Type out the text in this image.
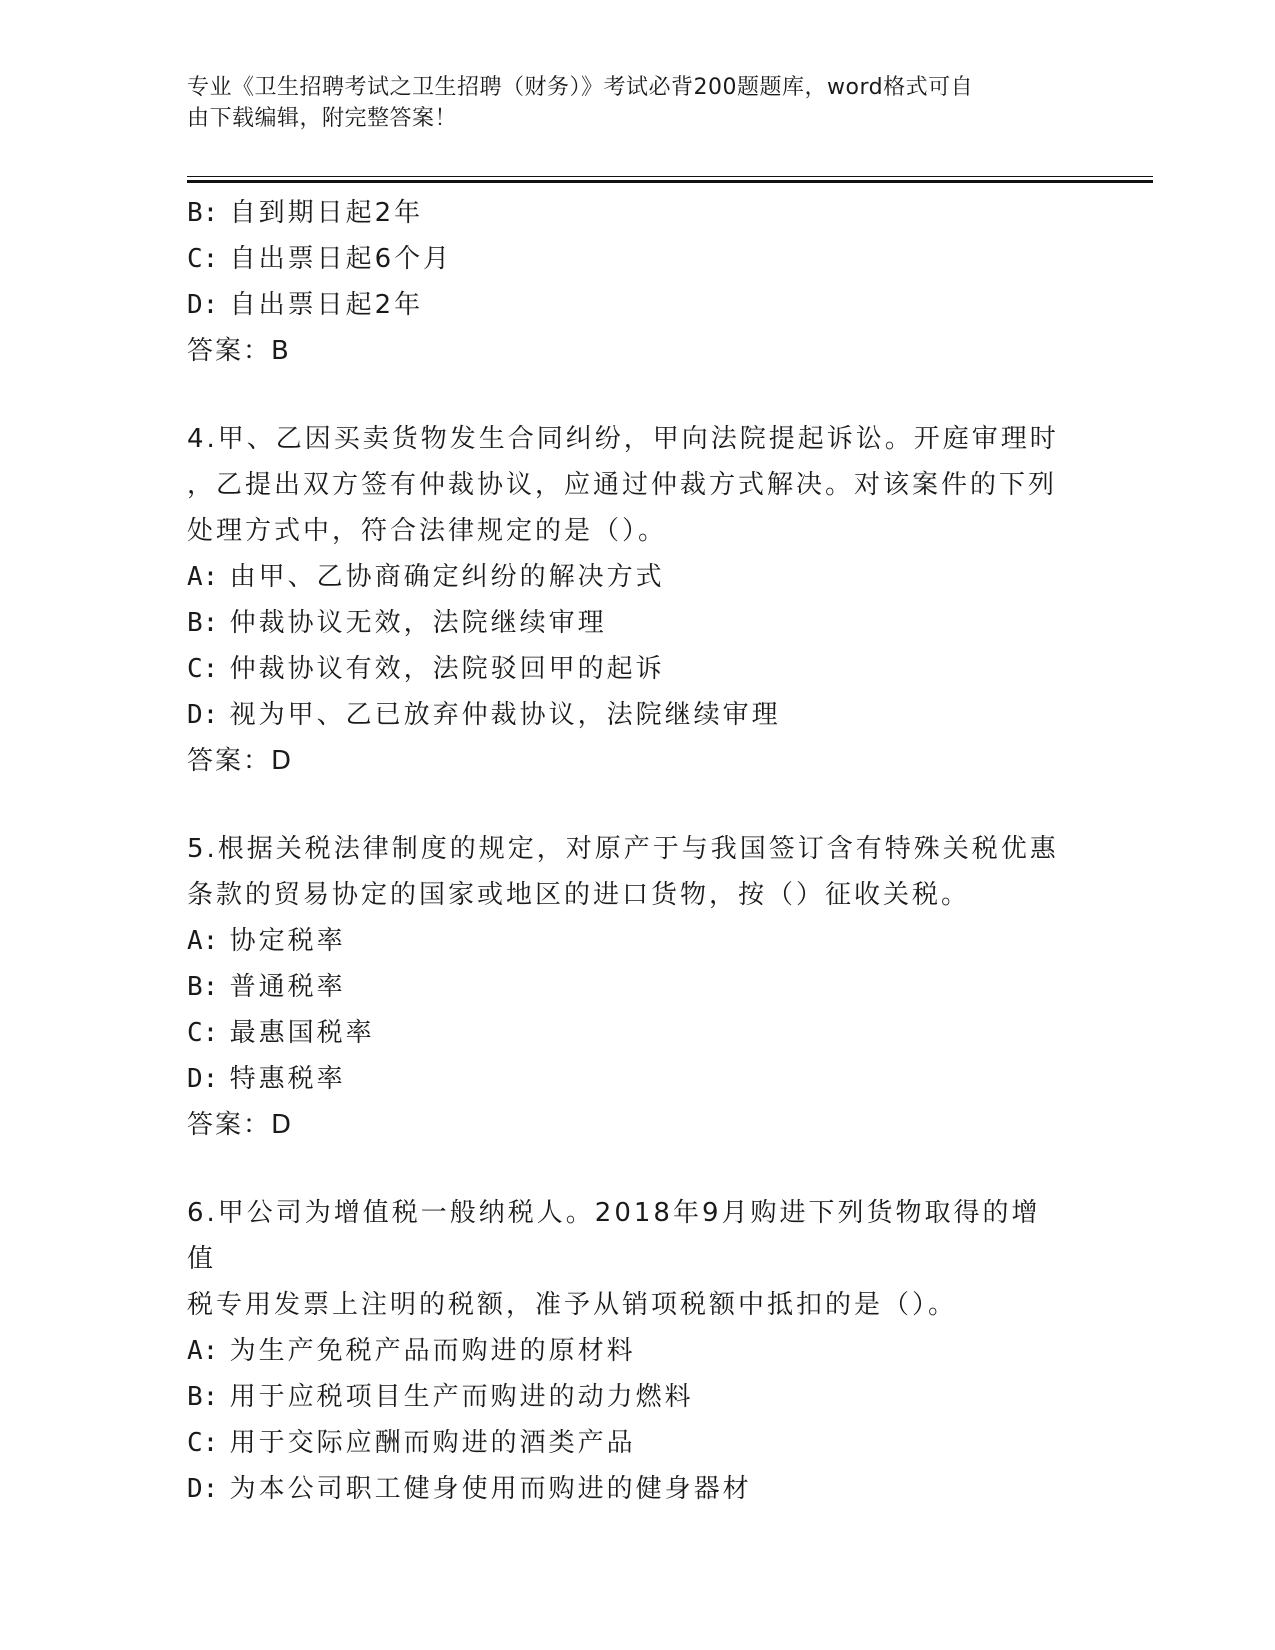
专业《卫生招聘考试之卫生招聘（财务）》考试必背200题题库，word格式可自
由下载编辑，附完整答案！
B: 自到期日起2年
C: 自出票日起6个月
D: 自出票日起2年
答案：B
4.甲、乙因买卖货物发生合同纠纷，甲向法院提起诉讼。开庭审理时
，乙提出双方签有仲裁协议，应通过仲裁方式解决。对该案件的下列
处理方式中，符合法律规定的是（）。
A: 由甲、乙协商确定纠纷的解决方式
B: 仲裁协议无效，法院继续审理
C: 仲裁协议有效，法院驳回甲的起诉
D: 视为甲、乙已放弃仲裁协议，法院继续审理
答案：D
5.根据关税法律制度的规定，对原产于与我国签订含有特殊关税优惠
条款的贸易协定的国家或地区的进口货物，按（）征收关税。
A: 协定税率
B: 普通税率
C: 最惠国税率
D: 特惠税率
答案：D
6.甲公司为增值税一般纳税人。2018年9月购进下列货物取得的增值
税专用发票上注明的税额，准予从销项税额中抵扣的是（）。
A: 为生产免税产品而购进的原材料
B: 用于应税项目生产而购进的动力燃料
C: 用于交际应酬而购进的酒类产品
D: 为本公司职工健身使用而购进的健身器材
